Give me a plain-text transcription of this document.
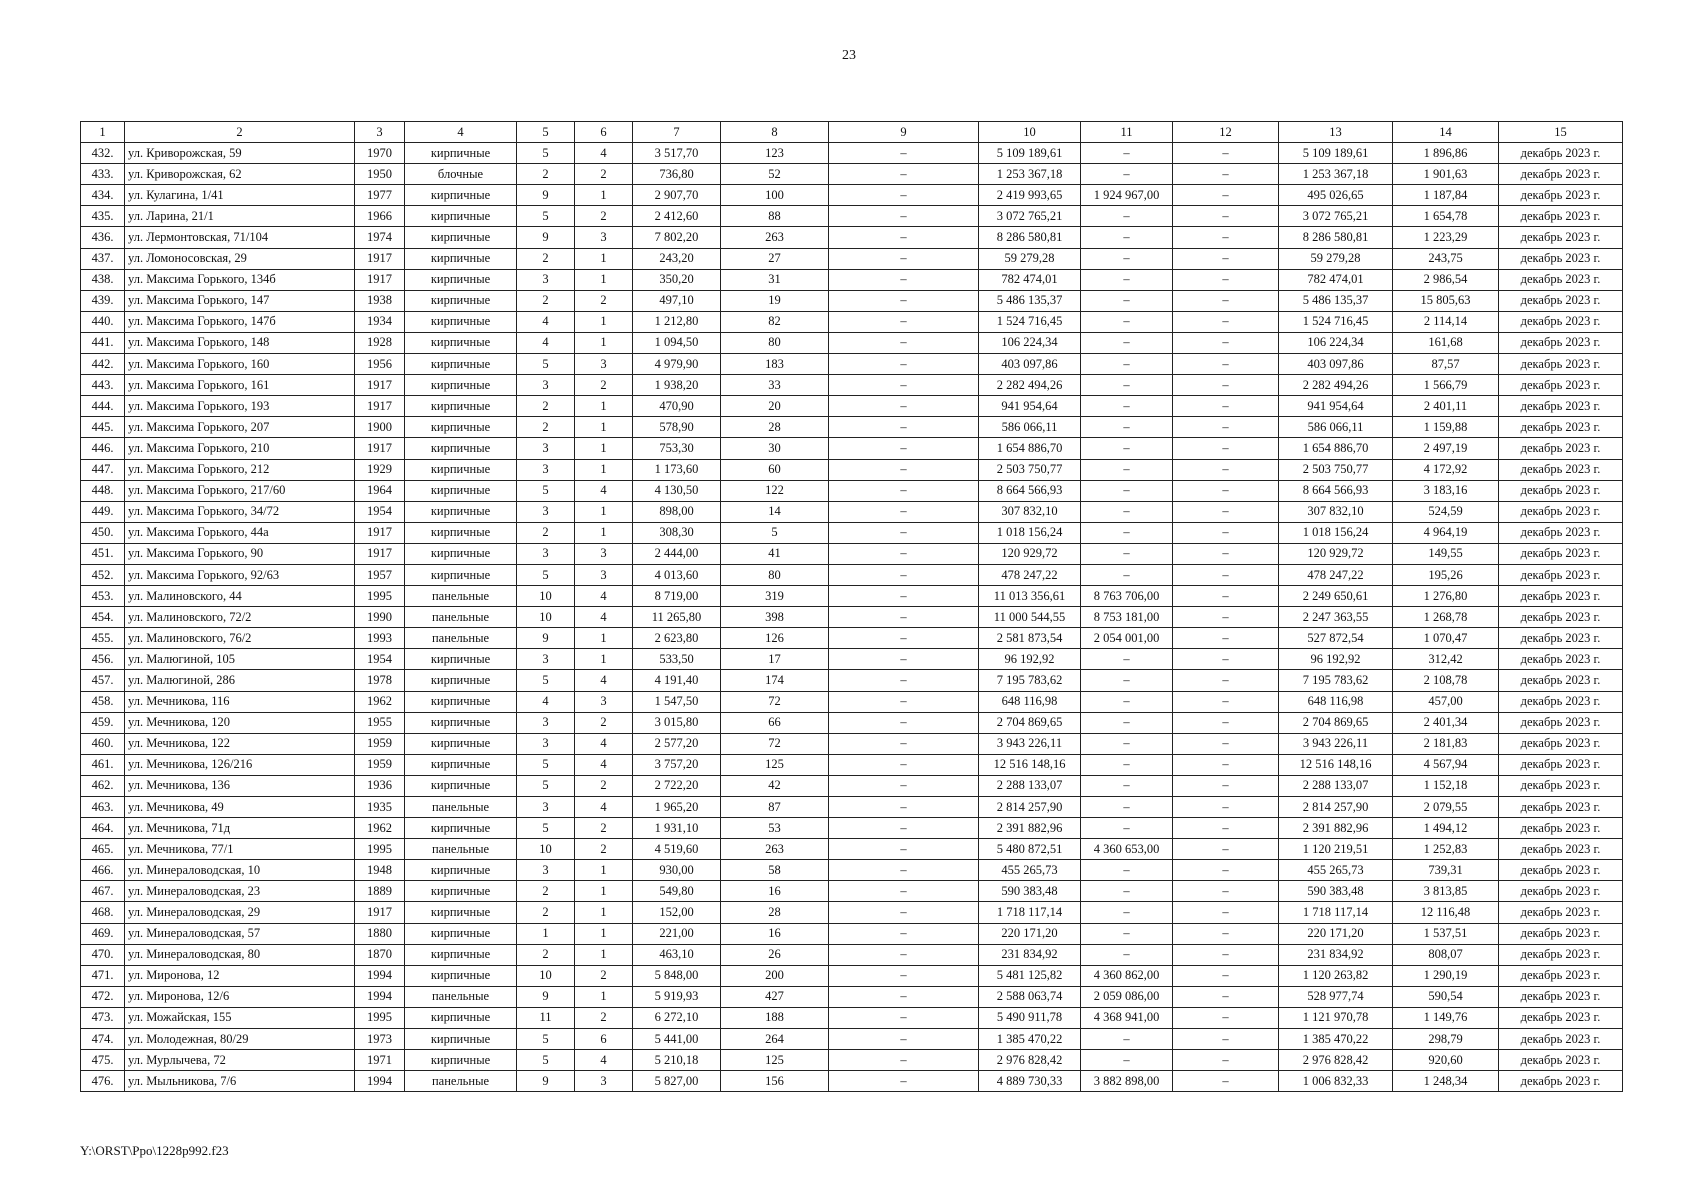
23
1	2	3	4	5	6	7	8	9	10	11	12	13	14	15
432.	ул. Криворожская, 59	1970	кирпичные	5	4	3 517,70	123	–	5 109 189,61	–	–	5 109 189,61	1 896,86	декабрь 2023 г.
433.	ул. Криворожская, 62	1950	блочные	2	2	736,80	52	–	1 253 367,18	–	–	1 253 367,18	1 901,63	декабрь 2023 г.
434.	ул. Кулагина, 1/41	1977	кирпичные	9	1	2 907,70	100	–	2 419 993,65	1 924 967,00	–	495 026,65	1 187,84	декабрь 2023 г.
435.	ул. Ларина, 21/1	1966	кирпичные	5	2	2 412,60	88	–	3 072 765,21	–	–	3 072 765,21	1 654,78	декабрь 2023 г.
436.	ул. Лермонтовская, 71/104	1974	кирпичные	9	3	7 802,20	263	–	8 286 580,81	–	–	8 286 580,81	1 223,29	декабрь 2023 г.
437.	ул. Ломоносовская, 29	1917	кирпичные	2	1	243,20	27	–	59 279,28	–	–	59 279,28	243,75	декабрь 2023 г.
438.	ул. Максима Горького, 134б	1917	кирпичные	3	1	350,20	31	–	782 474,01	–	–	782 474,01	2 986,54	декабрь 2023 г.
439.	ул. Максима Горького, 147	1938	кирпичные	2	2	497,10	19	–	5 486 135,37	–	–	5 486 135,37	15 805,63	декабрь 2023 г.
440.	ул. Максима Горького, 147б	1934	кирпичные	4	1	1 212,80	82	–	1 524 716,45	–	–	1 524 716,45	2 114,14	декабрь 2023 г.
441.	ул. Максима Горького, 148	1928	кирпичные	4	1	1 094,50	80	–	106 224,34	–	–	106 224,34	161,68	декабрь 2023 г.
442.	ул. Максима Горького, 160	1956	кирпичные	5	3	4 979,90	183	–	403 097,86	–	–	403 097,86	87,57	декабрь 2023 г.
443.	ул. Максима Горького, 161	1917	кирпичные	3	2	1 938,20	33	–	2 282 494,26	–	–	2 282 494,26	1 566,79	декабрь 2023 г.
444.	ул. Максима Горького, 193	1917	кирпичные	2	1	470,90	20	–	941 954,64	–	–	941 954,64	2 401,11	декабрь 2023 г.
445.	ул. Максима Горького, 207	1900	кирпичные	2	1	578,90	28	–	586 066,11	–	–	586 066,11	1 159,88	декабрь 2023 г.
446.	ул. Максима Горького, 210	1917	кирпичные	3	1	753,30	30	–	1 654 886,70	–	–	1 654 886,70	2 497,19	декабрь 2023 г.
447.	ул. Максима Горького, 212	1929	кирпичные	3	1	1 173,60	60	–	2 503 750,77	–	–	2 503 750,77	4 172,92	декабрь 2023 г.
448.	ул. Максима Горького, 217/60	1964	кирпичные	5	4	4 130,50	122	–	8 664 566,93	–	–	8 664 566,93	3 183,16	декабрь 2023 г.
449.	ул. Максима Горького, 34/72	1954	кирпичные	3	1	898,00	14	–	307 832,10	–	–	307 832,10	524,59	декабрь 2023 г.
450.	ул. Максима Горького, 44а	1917	кирпичные	2	1	308,30	5	–	1 018 156,24	–	–	1 018 156,24	4 964,19	декабрь 2023 г.
451.	ул. Максима Горького, 90	1917	кирпичные	3	3	2 444,00	41	–	120 929,72	–	–	120 929,72	149,55	декабрь 2023 г.
452.	ул. Максима Горького, 92/63	1957	кирпичные	5	3	4 013,60	80	–	478 247,22	–	–	478 247,22	195,26	декабрь 2023 г.
453.	ул. Малиновского, 44	1995	панельные	10	4	8 719,00	319	–	11 013 356,61	8 763 706,00	–	2 249 650,61	1 276,80	декабрь 2023 г.
454.	ул. Малиновского, 72/2	1990	панельные	10	4	11 265,80	398	–	11 000 544,55	8 753 181,00	–	2 247 363,55	1 268,78	декабрь 2023 г.
455.	ул. Малиновского, 76/2	1993	панельные	9	1	2 623,80	126	–	2 581 873,54	2 054 001,00	–	527 872,54	1 070,47	декабрь 2023 г.
456.	ул. Малюгиной, 105	1954	кирпичные	3	1	533,50	17	–	96 192,92	–	–	96 192,92	312,42	декабрь 2023 г.
457.	ул. Малюгиной, 286	1978	кирпичные	5	4	4 191,40	174	–	7 195 783,62	–	–	7 195 783,62	2 108,78	декабрь 2023 г.
458.	ул. Мечникова, 116	1962	кирпичные	4	3	1 547,50	72	–	648 116,98	–	–	648 116,98	457,00	декабрь 2023 г.
459.	ул. Мечникова, 120	1955	кирпичные	3	2	3 015,80	66	–	2 704 869,65	–	–	2 704 869,65	2 401,34	декабрь 2023 г.
460.	ул. Мечникова, 122	1959	кирпичные	3	4	2 577,20	72	–	3 943 226,11	–	–	3 943 226,11	2 181,83	декабрь 2023 г.
461.	ул. Мечникова, 126/216	1959	кирпичные	5	4	3 757,20	125	–	12 516 148,16	–	–	12 516 148,16	4 567,94	декабрь 2023 г.
462.	ул. Мечникова, 136	1936	кирпичные	5	2	2 722,20	42	–	2 288 133,07	–	–	2 288 133,07	1 152,18	декабрь 2023 г.
463.	ул. Мечникова, 49	1935	панельные	3	4	1 965,20	87	–	2 814 257,90	–	–	2 814 257,90	2 079,55	декабрь 2023 г.
464.	ул. Мечникова, 71д	1962	кирпичные	5	2	1 931,10	53	–	2 391 882,96	–	–	2 391 882,96	1 494,12	декабрь 2023 г.
465.	ул. Мечникова, 77/1	1995	панельные	10	2	4 519,60	263	–	5 480 872,51	4 360 653,00	–	1 120 219,51	1 252,83	декабрь 2023 г.
466.	ул. Минераловодская, 10	1948	кирпичные	3	1	930,00	58	–	455 265,73	–	–	455 265,73	739,31	декабрь 2023 г.
467.	ул. Минераловодская, 23	1889	кирпичные	2	1	549,80	16	–	590 383,48	–	–	590 383,48	3 813,85	декабрь 2023 г.
468.	ул. Минераловодская, 29	1917	кирпичные	2	1	152,00	28	–	1 718 117,14	–	–	1 718 117,14	12 116,48	декабрь 2023 г.
469.	ул. Минераловодская, 57	1880	кирпичные	1	1	221,00	16	–	220 171,20	–	–	220 171,20	1 537,51	декабрь 2023 г.
470.	ул. Минераловодская, 80	1870	кирпичные	2	1	463,10	26	–	231 834,92	–	–	231 834,92	808,07	декабрь 2023 г.
471.	ул. Миронова, 12	1994	кирпичные	10	2	5 848,00	200	–	5 481 125,82	4 360 862,00	–	1 120 263,82	1 290,19	декабрь 2023 г.
472.	ул. Миронова, 12/6	1994	панельные	9	1	5 919,93	427	–	2 588 063,74	2 059 086,00	–	528 977,74	590,54	декабрь 2023 г.
473.	ул. Можайская, 155	1995	кирпичные	11	2	6 272,10	188	–	5 490 911,78	4 368 941,00	–	1 121 970,78	1 149,76	декабрь 2023 г.
474.	ул. Молодежная, 80/29	1973	кирпичные	5	6	5 441,00	264	–	1 385 470,22	–	–	1 385 470,22	298,79	декабрь 2023 г.
475.	ул. Мурлычева, 72	1971	кирпичные	5	4	5 210,18	125	–	2 976 828,42	–	–	2 976 828,42	920,60	декабрь 2023 г.
476.	ул. Мыльникова, 7/6	1994	панельные	9	3	5 827,00	156	–	4 889 730,33	3 882 898,00	–	1 006 832,33	1 248,34	декабрь 2023 г.
Y:\ORST\Ppo\1228p992.f23
